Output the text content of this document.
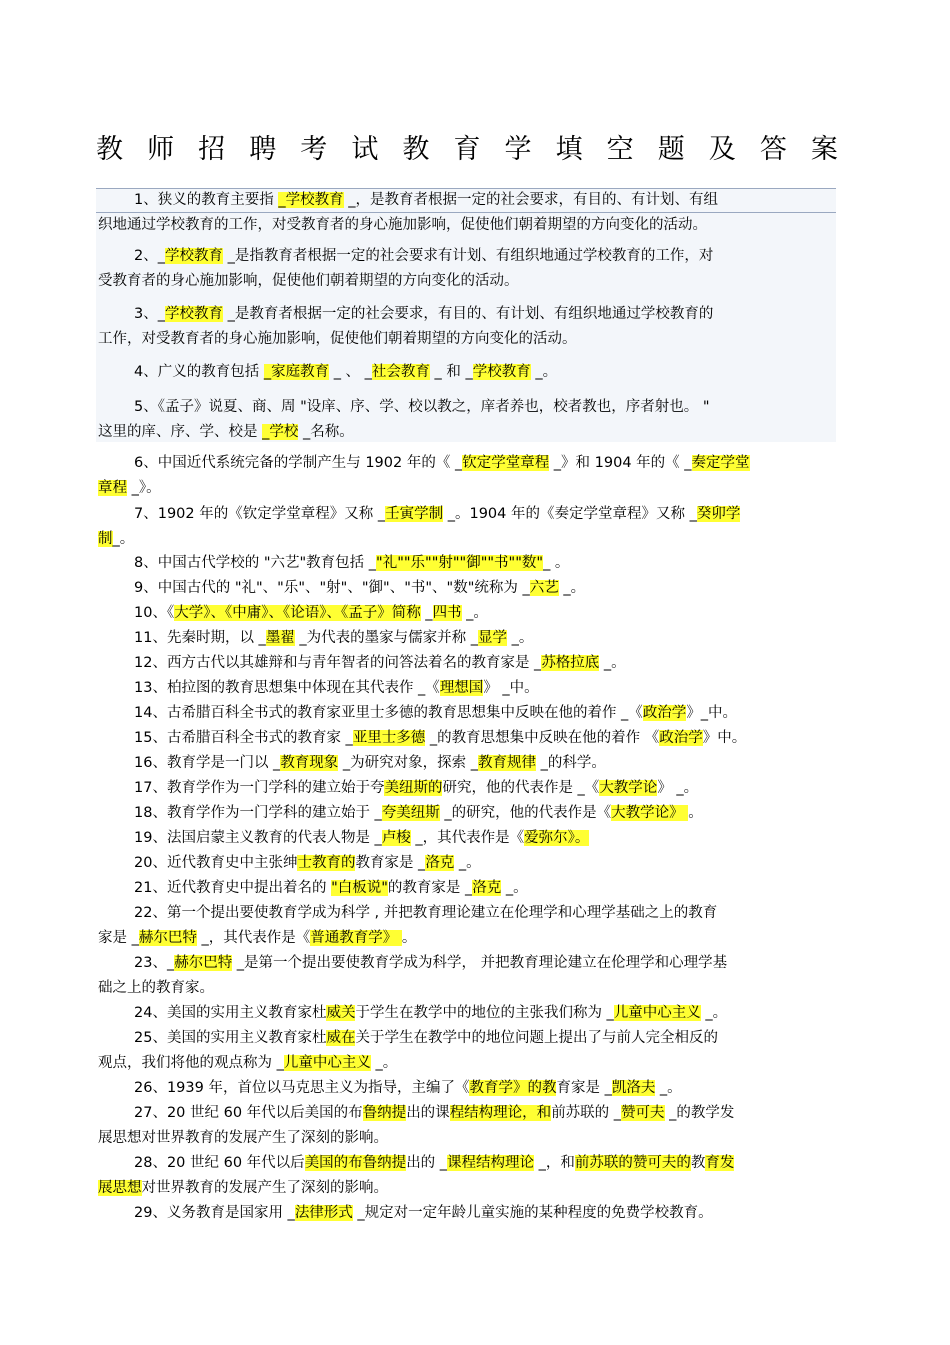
教 师 招 聘 考 试 教 育 学 填 空 题 及 答 案
1、狭义的教育主要指 _学校教育 _，是教育者根据一定的社会要求，有目的、有计划、有组
织地通过学校教育的工作，对受教育者的身心施加影响，促使他们朝着期望的方向变化的活动。
2、_学校教育 _是指教育者根据一定的社会要求有计划、有组织地通过学校教育的工作，对
受教育者的身心施加影响，促使他们朝着期望的方向变化的活动。
3、_学校教育 _是教育者根据一定的社会要求，有目的、有计划、有组织地通过学校教育的
工作，对受教育者的身心施加影响，促使他们朝着期望的方向变化的活动。
4、广义的教育包括 _家庭教育 _ 、 _社会教育 _ 和 _学校教育 _。
5、《孟子》说夏、商、周 "设庠、序、学、校以教之，庠者养也，校者教也，序者射也。 "
这里的庠、序、学、校是 _学校 _名称。
6、中国近代系统完备的学制产生与 1902 年的《 _钦定学堂章程 _》和 1904 年的《 _奏定学堂
章程 _》。
7、1902 年的《钦定学堂章程》又称 _壬寅学制 _。1904 年的《奏定学堂章程》又称 _癸卯学
制_。
8、中国古代学校的 "六艺"教育包括 _"礼""乐""射""御""书""数"_ 。
9、中国古代的 "礼"、"乐"、"射"、"御"、"书"、"数"统称为 _六艺 _。
10、《大学》、《中庸》、《论语》、《孟子》简称 _四书 _。
11、先秦时期，以 _墨翟 _为代表的墨家与儒家并称 _显学 _。
12、西方古代以其雄辩和与青年智者的问答法着名的教育家是 _苏格拉底 _。
13、柏拉图的教育思想集中体现在其代表作 _《理想国》 _中。
14、古希腊百科全书式的教育家亚里士多德的教育思想集中反映在他的着作 _《政治学》_中。
15、古希腊百科全书式的教育家 _亚里士多德 _的教育思想集中反映在他的着作 《政治学》中。
16、教育学是一门以 _教育现象 _为研究对象，探索 _教育规律 _的科学。
17、教育学作为一门学科的建立始于夸美纽斯的研究，他的代表作是 _《大教学论》 _。
18、教育学作为一门学科的建立始于 _夸美纽斯 _的研究，他的代表作是《大教学论》 。
19、法国启蒙主义教育的代表人物是 _卢梭 _，其代表作是《爱弥尔》。
20、近代教育史中主张绅士教育的教育家是 _洛克 _。
21、近代教育史中提出着名的 "白板说"的教育家是 _洛克 _。
22、第一个提出要使教育学成为科学 , 并把教育理论建立在伦理学和心理学基础之上的教育
家是 _赫尔巴特 _，其代表作是《普通教育学》 。
23、_赫尔巴特 _是第一个提出要使教育学成为科学， 并把教育理论建立在伦理学和心理学基
础之上的教育家。
24、美国的实用主义教育家杜威关于学生在教学中的地位的主张我们称为 _儿童中心主义 _。
25、美国的实用主义教育家杜威在关于学生在教学中的地位问题上提出了与前人完全相反的
观点，我们将他的观点称为 _儿童中心主义 _。
26、1939 年，首位以马克思主义为指导，主编了《教育学》的教育家是 _凯洛夫 _。
27、20 世纪 60 年代以后美国的布鲁纳提出的课程结构理论，和前苏联的 _赞可夫 _的教学发
展思想对世界教育的发展产生了深刻的影响。
28、20 世纪 60 年代以后美国的布鲁纳提出的 _课程结构理论 _，和前苏联的赞可夫的教育发
展思想对世界教育的发展产生了深刻的影响。
29、义务教育是国家用 _法律形式 _规定对一定年龄儿童实施的某种程度的免费学校教育。
